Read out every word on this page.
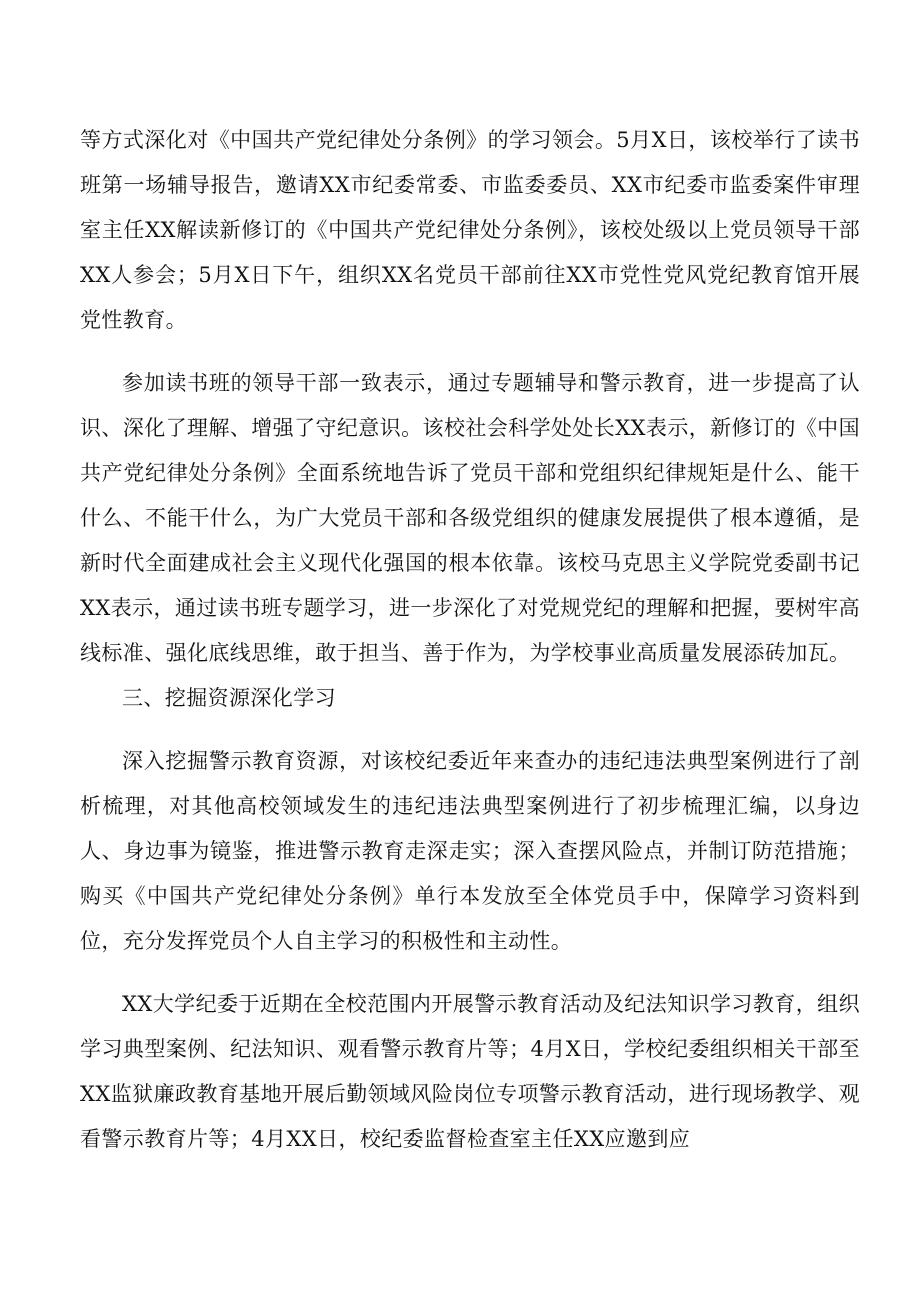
等方式深化对《中国共产党纪律处分条例》的学习领会。5月X日，该校举行了读书班第一场辅导报告，邀请XX市纪委常委、市监委委员、XX市纪委市监委案件审理室主任XX解读新修订的《中国共产党纪律处分条例》，该校处级以上党员领导干部XX人参会；5月X日下午，组织XX名党员干部前往XX市党性党风党纪教育馆开展党性教育。

参加读书班的领导干部一致表示，通过专题辅导和警示教育，进一步提高了认识、深化了理解、增强了守纪意识。该校社会科学处处长XX表示，新修订的《中国共产党纪律处分条例》全面系统地告诉了党员干部和党组织纪律规矩是什么、能干什么、不能干什么，为广大党员干部和各级党组织的健康发展提供了根本遵循，是新时代全面建成社会主义现代化强国的根本依靠。该校马克思主义学院党委副书记XX表示，通过读书班专题学习，进一步深化了对党规党纪的理解和把握，要树牢高线标准、强化底线思维，敢于担当、善于作为，为学校事业高质量发展添砖加瓦。

三、挖掘资源深化学习

深入挖掘警示教育资源，对该校纪委近年来查办的违纪违法典型案例进行了剖析梳理，对其他高校领域发生的违纪违法典型案例进行了初步梳理汇编，以身边人、身边事为镜鉴，推进警示教育走深走实；深入查摆风险点，并制订防范措施；购买《中国共产党纪律处分条例》单行本发放至全体党员手中，保障学习资料到位，充分发挥党员个人自主学习的积极性和主动性。

XX大学纪委于近期在全校范围内开展警示教育活动及纪法知识学习教育，组织学习典型案例、纪法知识、观看警示教育片等；4月X日，学校纪委组织相关干部至XX监狱廉政教育基地开展后勤领域风险岗位专项警示教育活动，进行现场教学、观看警示教育片等；4月XX日，校纪委监督检查室主任XX应邀到应
